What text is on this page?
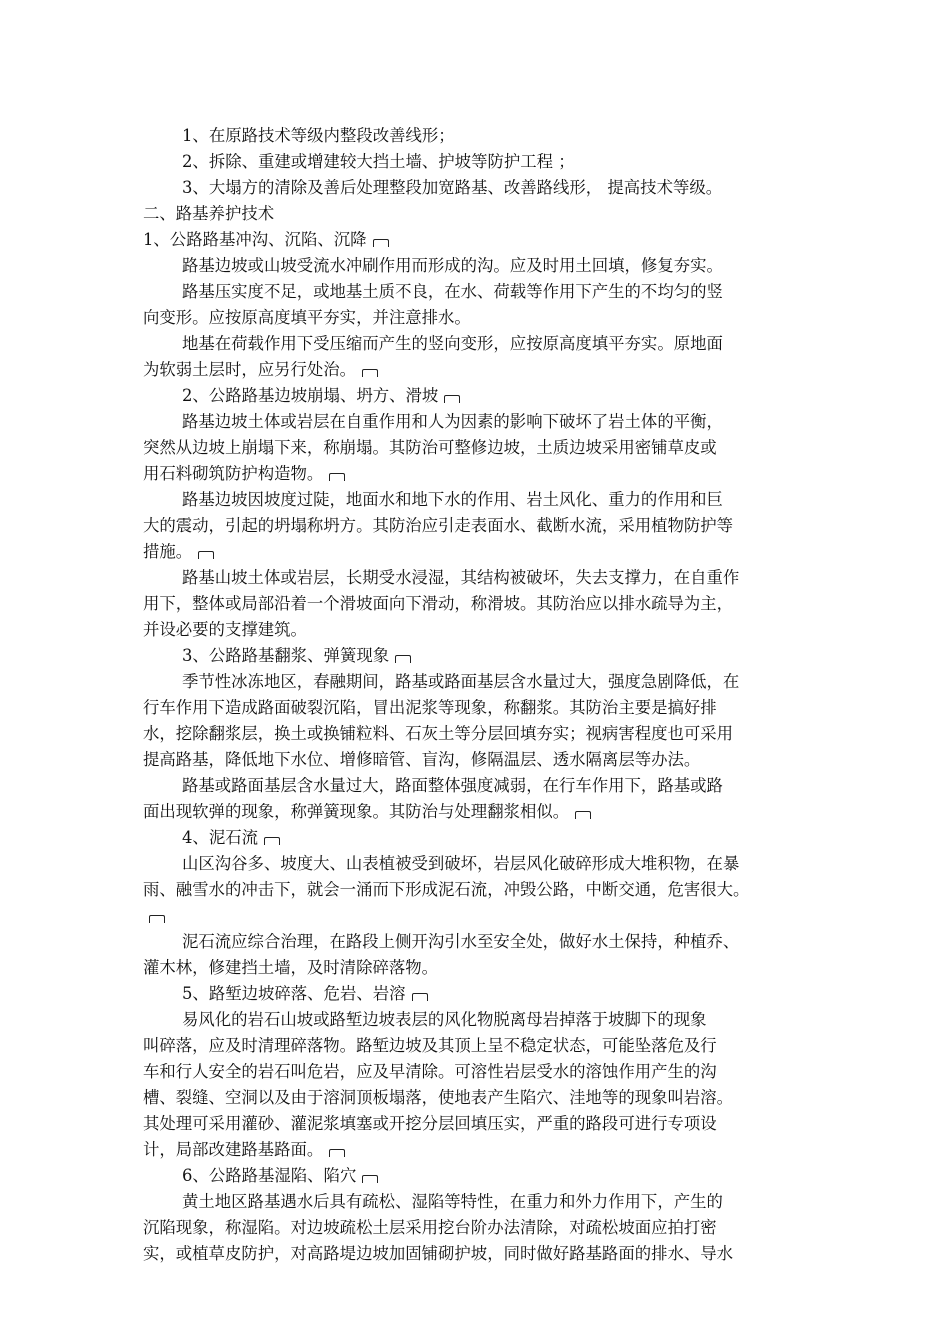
1、在原路技术等级内整段改善线形；
2、拆除、重建或增建较大挡土墙、护坡等防护工程 ；
3、大塌方的清除及善后处理整段加宽路基、改善路线形， 提高技术等级。
二、路基养护技术
1、公路路基冲沟、沉陷、沉降
路基边坡或山坡受流水冲刷作用而形成的沟。应及时用土回填，修复夯实。
路基压实度不足，或地基土质不良，在水、荷载等作用下产生的不均匀的竖
向变形。应按原高度填平夯实，并注意排水。
地基在荷载作用下受压缩而产生的竖向变形，应按原高度填平夯实。原地面
为软弱土层时，应另行处治。
2、公路路基边坡崩塌、坍方、滑坡
路基边坡土体或岩层在自重作用和人为因素的影响下破坏了岩土体的平衡，
突然从边坡上崩塌下来，称崩塌。其防治可整修边坡，土质边坡采用密铺草皮或
用石料砌筑防护构造物。
路基边坡因坡度过陡，地面水和地下水的作用、岩土风化、重力的作用和巨
大的震动，引起的坍塌称坍方。其防治应引走表面水、截断水流，采用植物防护等
措施。
路基山坡土体或岩层，长期受水浸湿，其结构被破坏，失去支撑力，在自重作
用下，整体或局部沿着一个滑坡面向下滑动，称滑坡。其防治应以排水疏导为主，
并设必要的支撑建筑。
3、公路路基翻浆、弹簧现象
季节性冰冻地区，春融期间，路基或路面基层含水量过大，强度急剧降低，在
行车作用下造成路面破裂沉陷，冒出泥浆等现象，称翻浆。其防治主要是搞好排
水，挖除翻浆层，换土或换铺粒料、石灰土等分层回填夯实；视病害程度也可采用
提高路基，降低地下水位、增修暗管、盲沟，修隔温层、透水隔离层等办法。
路基或路面基层含水量过大，路面整体强度减弱，在行车作用下，路基或路
面出现软弹的现象，称弹簧现象。其防治与处理翻浆相似。
4、泥石流
山区沟谷多、坡度大、山表植被受到破坏，岩层风化破碎形成大堆积物，在暴
雨、融雪水的冲击下，就会一涌而下形成泥石流，冲毁公路，中断交通，危害很大。
泥石流应综合治理，在路段上侧开沟引水至安全处，做好水土保持，种植乔、
灌木林，修建挡土墙，及时清除碎落物。
5、路堑边坡碎落、危岩、岩溶
易风化的岩石山坡或路堑边坡表层的风化物脱离母岩掉落于坡脚下的现象
叫碎落，应及时清理碎落物。路堑边坡及其顶上呈不稳定状态，可能坠落危及行
车和行人安全的岩石叫危岩，应及早清除。可溶性岩层受水的溶蚀作用产生的沟
槽、裂缝、空洞以及由于溶洞顶板塌落，使地表产生陷穴、洼地等的现象叫岩溶。
其处理可采用灌砂、灌泥浆填塞或开挖分层回填压实，严重的路段可进行专项设
计，局部改建路基路面。
6、公路路基湿陷、陷穴
黄土地区路基遇水后具有疏松、湿陷等特性，在重力和外力作用下，产生的
沉陷现象，称湿陷。对边坡疏松土层采用挖台阶办法清除，对疏松坡面应拍打密
实，或植草皮防护，对高路堤边坡加固铺砌护坡，同时做好路基路面的排水、导水
